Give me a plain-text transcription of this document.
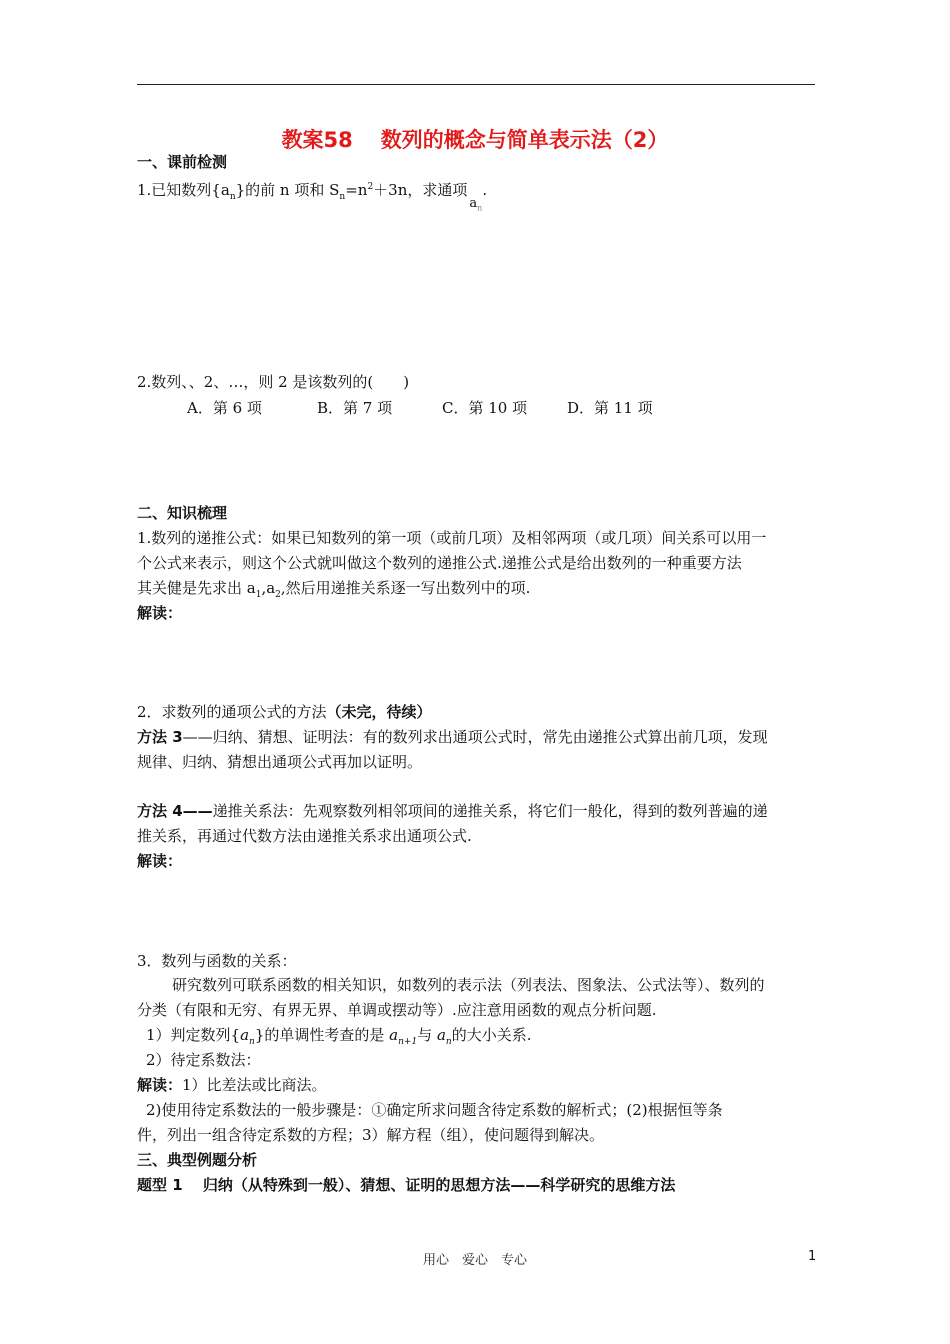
教案58 数列的概念与简单表示法（2）
一、课前检测
1.已知数列$\{a_n\}$的前 n 项和 $S_n=n^2+3n$，求通项$a_n$.
2.数列、、2、…，则 2 是该数列的(　　)
A．第 6 项	B．第 7 项	C．第 10 项	D．第 11 项
二、知识梳理
1.数列的递推公式：如果已知数列的第一项（或前几项）及相邻两项（或几项）间关系可以用一
个公式来表示，则这个公式就叫做这个数列的递推公式.递推公式是给出数列的一种重要方法
其关健是先求出 $a_1,a_2$,然后用递推关系逐一写出数列中的项.
解读：
2．求数列的通项公式的方法（未完，待续）
方法 3——归纳、猜想、证明法：有的数列求出通项公式时，常先由递推公式算出前几项，发现
规律、归纳、猜想出通项公式再加以证明。
方法 4——递推关系法：先观察数列相邻项间的递推关系，将它们一般化，得到的数列普遍的递
推关系，再通过代数方法由递推关系求出通项公式.
解读：
3．数列与函数的关系：
研究数列可联系函数的相关知识，如数列的表示法（列表法、图象法、公式法等）、数列的
分类（有限和无穷、有界无界、单调或摆动等）.应注意用函数的观点分析问题.
1）判定数列$\{a_n\}$的单调性考查的是 $a_{n+1}$与 $a_n$的大小关系.
2）待定系数法：
解读：1）比差法或比商法。
2)使用待定系数法的一般步骤是：①确定所求问题含待定系数的解析式；(2)根据恒等条
件，列出一组含待定系数的方程；3）解方程（组），使问题得到解决。
三、典型例题分析
题型 1　 归纳（从特殊到一般）、猜想、证明的思想方法——科学研究的思维方法
用心　爱心　专心	1
